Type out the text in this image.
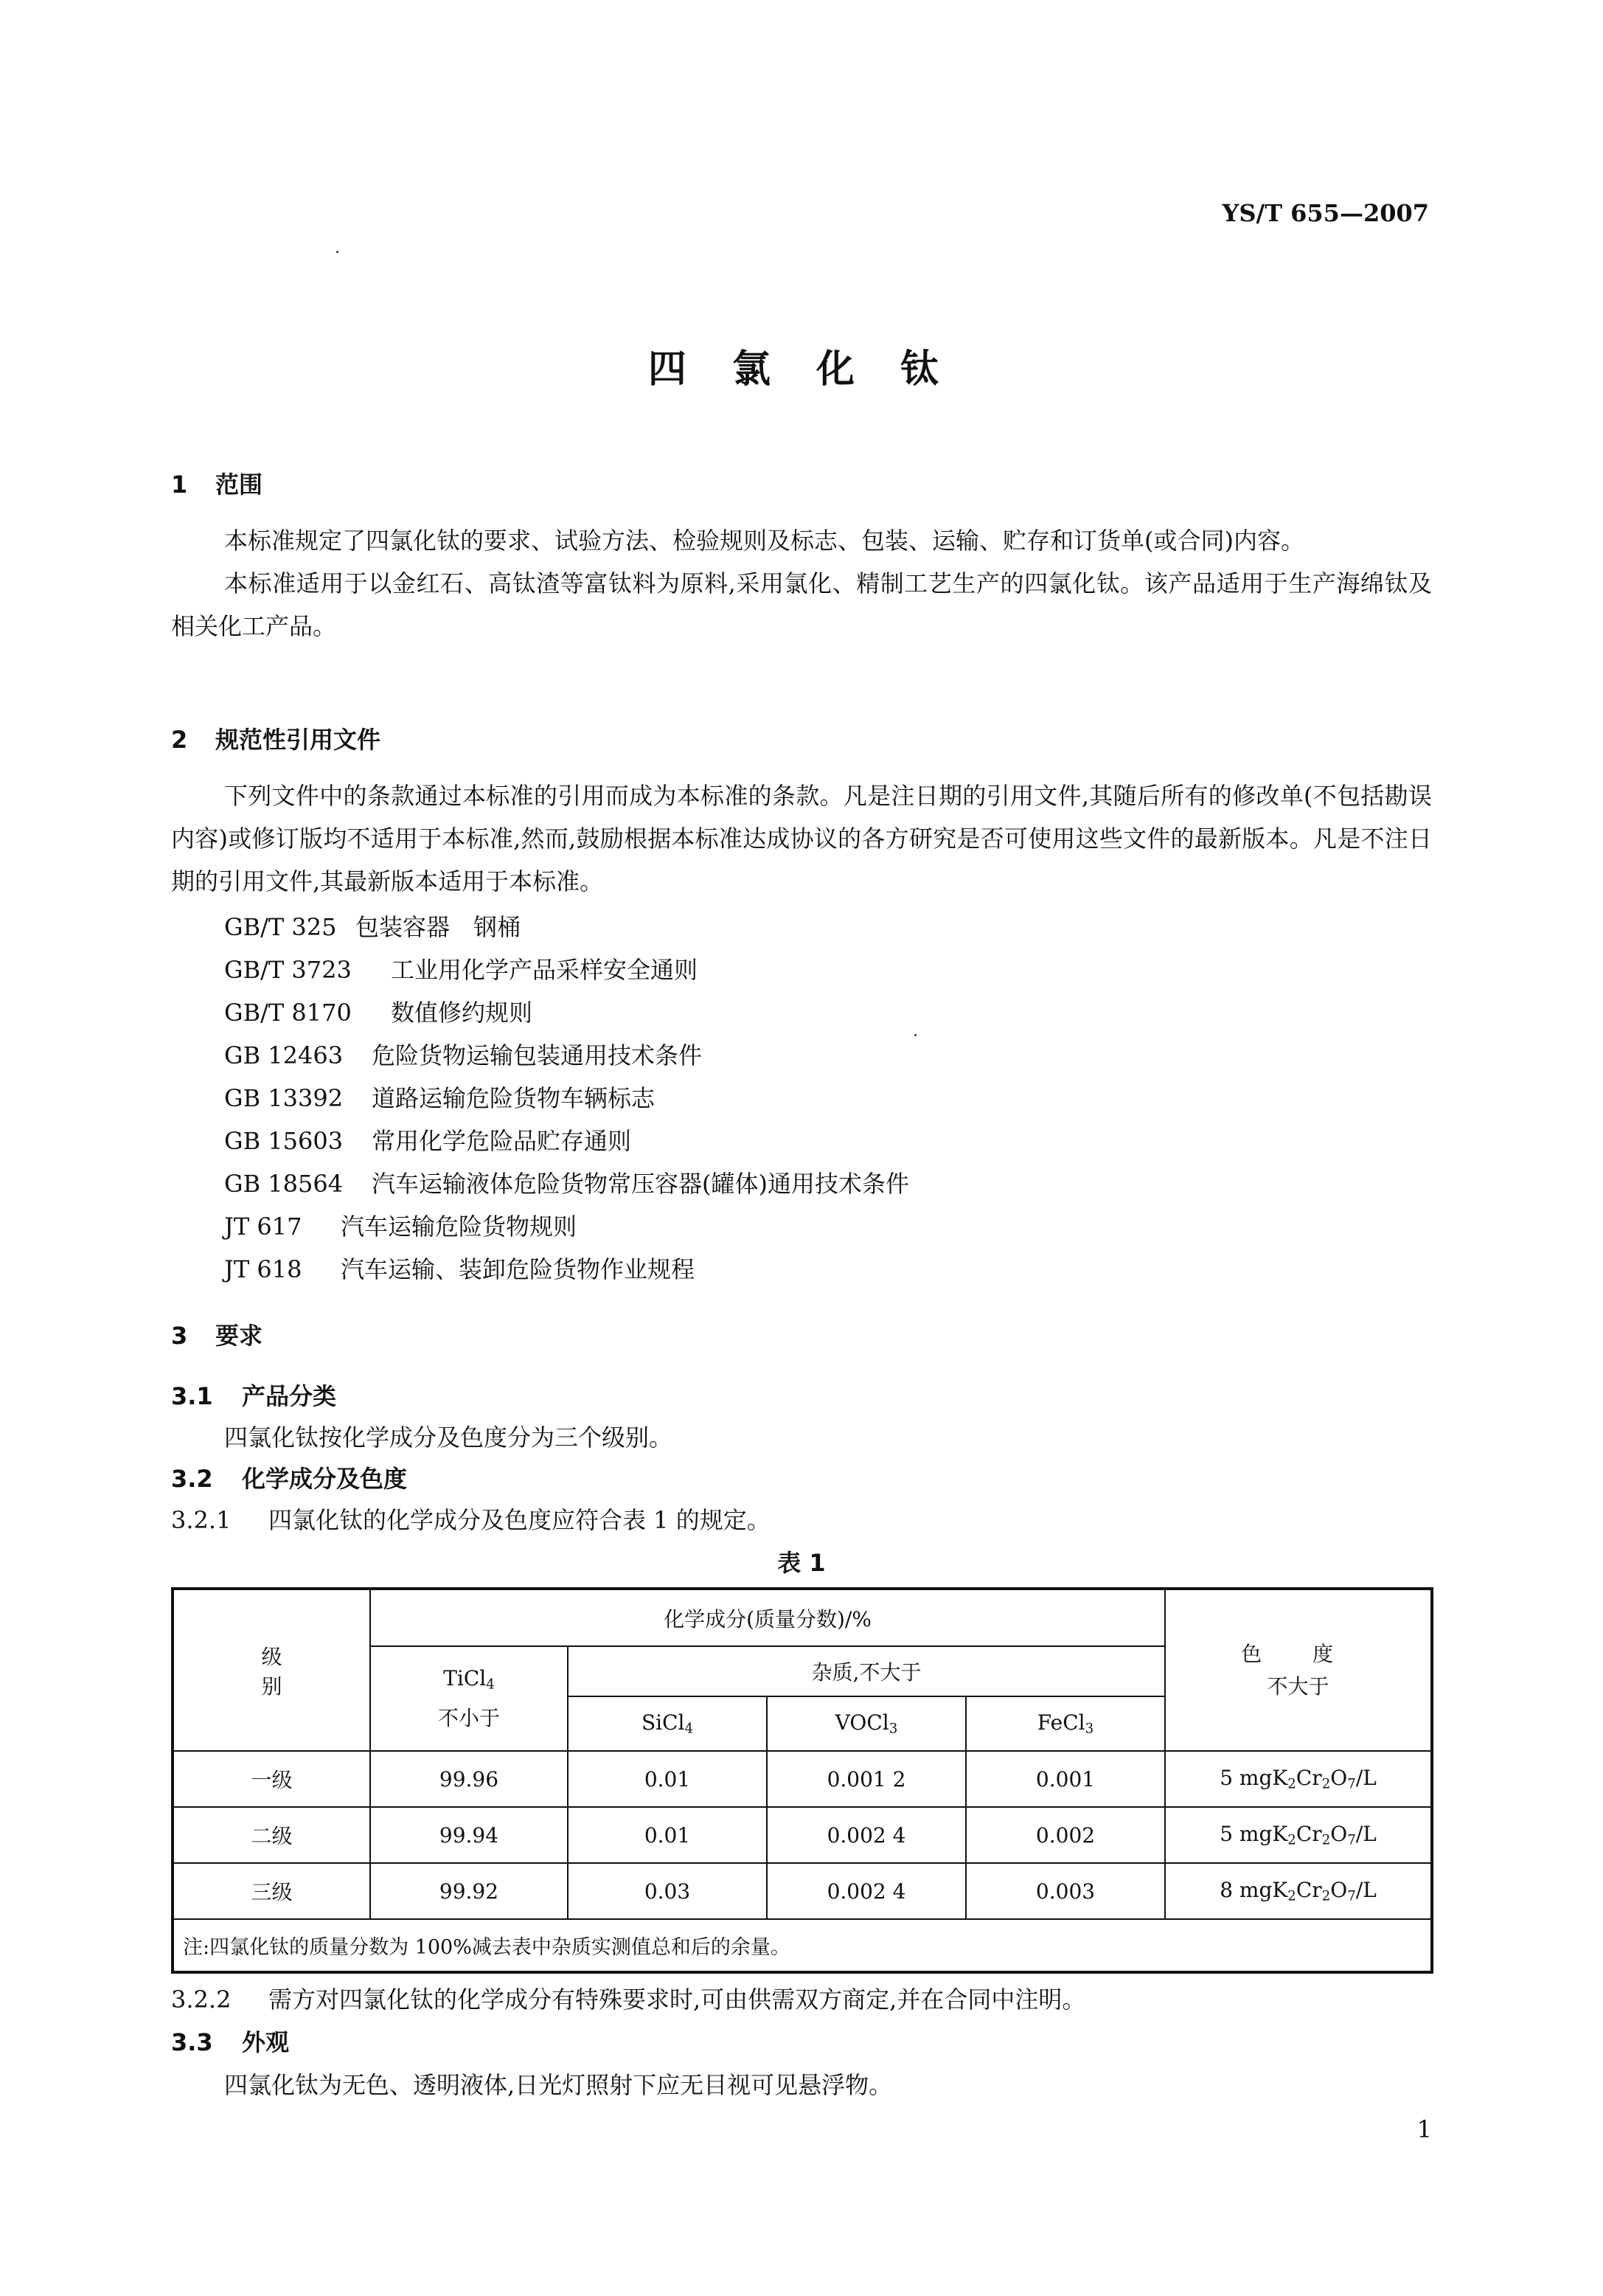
YS/T 655—2007
四 氯 化 钛
1 范围

本标准规定了四氯化钛的要求、试验方法、检验规则及标志、包装、运输、贮存和订货单(或合同)内容。

本标准适用于以金红石、高钛渣等富钛料为原料,采用氯化、精制工艺生产的四氯化钛。该产品适用于生产海绵钛及相关化工产品。

2 规范性引用文件

下列文件中的条款通过本标准的引用而成为本标准的条款。凡是注日期的引用文件,其随后所有的修改单(不包括勘误内容)或修订版均不适用于本标准,然而,鼓励根据本标准达成协议的各方研究是否可使用这些文件的最新版本。凡是不注日期的引用文件,其最新版本适用于本标准。

GB/T 325 包装容器　钢桶
GB/T 3723 工业用化学产品采样安全通则
GB/T 8170 数值修约规则
GB 12463 危险货物运输包装通用技术条件
GB 13392 道路运输危险货物车辆标志
GB 15603 常用化学危险品贮存通则
GB 18564 汽车运输液体危险货物常压容器(罐体)通用技术条件
JT 617 汽车运输危险货物规则
JT 618 汽车运输、装卸危险货物作业规程
3 要求
3.1 产品分类
四氯化钛按化学成分及色度分为三个级别。
3.2 化学成分及色度
3.2.1 四氯化钛的化学成分及色度应符合表 1 的规定。
表 1
级　别	化学成分(质量分数)/%				色 度
不大于

	TiCl$_4$
不小于	杂质,不大于			
		SiCl$_4$	VOCl$_3$	FeCl$_3$
一级	99.96	0.01	0.001 2	0.001	5 $mgK_2Cr_2O_7/L$
二级	99.94	0.01	0.002 4	0.002	5 $mgK_2Cr_2O_7/L$
三级	99.92	0.03	0.002 4	0.003	8 $mgK_2Cr_2O_7/L$
注:四氯化钛的质量分数为 100%减去表中杂质实测值总和后的余量。					
3.2.2 需方对四氯化钛的化学成分有特殊要求时,可由供需双方商定,并在合同中注明。
3.3 外观
四氯化钛为无色、透明液体,日光灯照射下应无目视可见悬浮物。
1
